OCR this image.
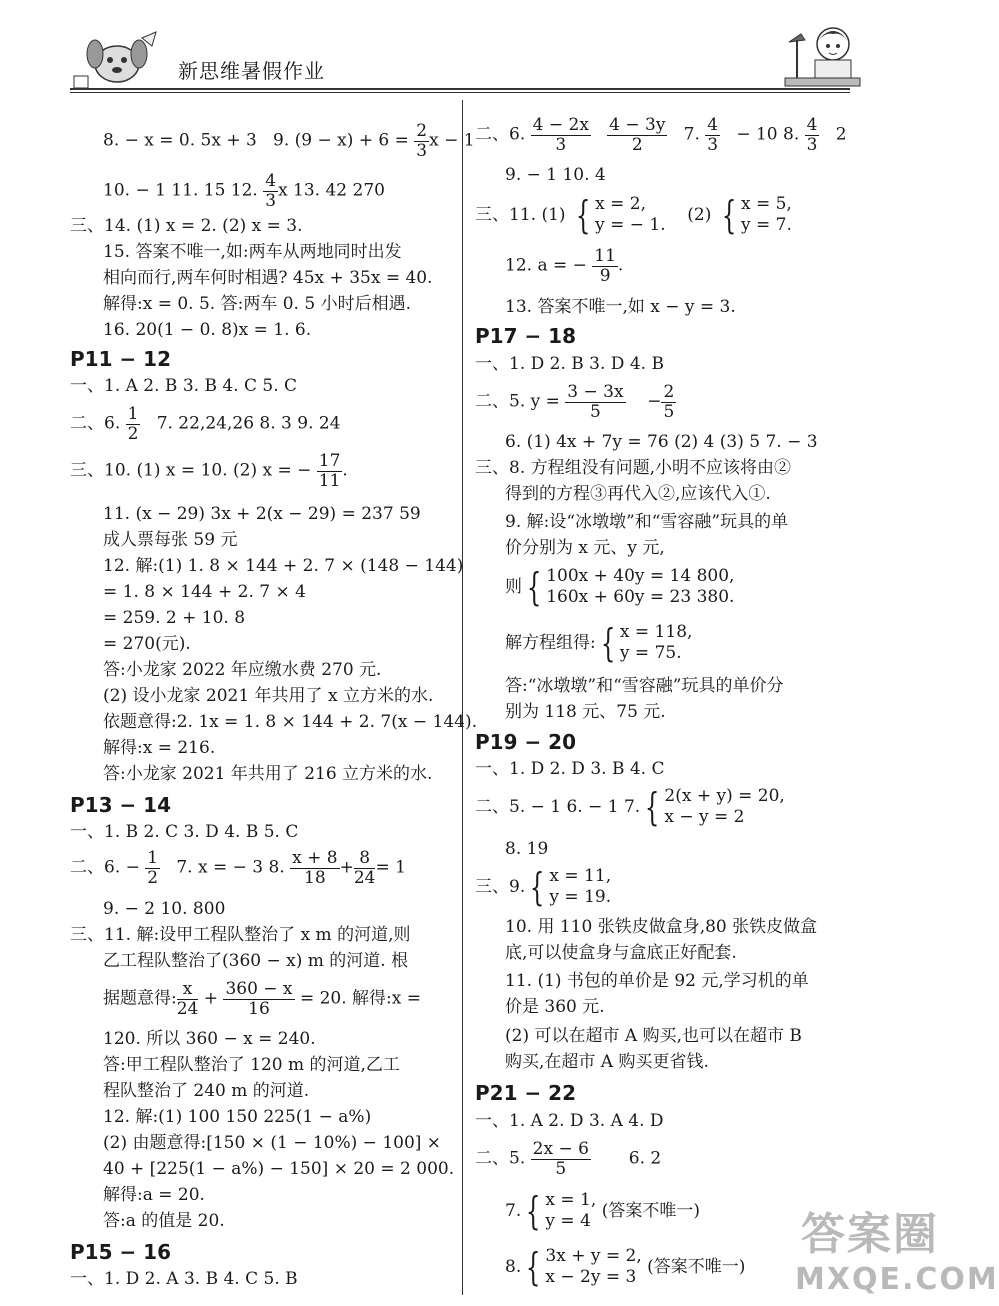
新思维暑假作业
8. − x = 0. 5x + 3 9. $(9 - x) + 6 = \frac{2}{3}$ x − 1
10. − 1 11. 15 12. $\frac{4}{3}$ x 13. 42 270
三、14. (1) x = 2. (2) x = 3.
15. 答案不唯一,如:两车从两地同时出发
相向而行,两车何时相遇? 45x + 35x = 40.
解得:x = 0. 5. 答:两车 0. 5 小时后相遇.
16. 20(1 − 0. 8)x = 1. 6.
P11 − 12
一、1. A 2. B 3. B 4. C 5. C
二、6. $\frac{1}{2} 7$. 22,24,26 8. 3 9. 24
三、10. (1) x = 10. (2) x = − $\frac{17}{11}$ .
11. (x − 29) 3x + 2(x − 29) = 237 59
成人票每张 59 元
12. 解:(1) 1. 8 × 144 + 2. 7 × (148 − 144)
= 1. 8 × 144 + 2. 7 × 4
= 259. 2 + 10. 8
= 270(元).
答:小龙家 2022 年应缴水费 270 元.
(2) 设小龙家 2021 年共用了 x 立方米的水.
依题意得:2. 1x = 1. 8 × 144 + 2. 7(x − 144).
解得:x = 216.
答:小龙家 2021 年共用了 216 立方米的水.
P13 − 14
一、1. B 2. C 3. D 4. B 5. C
二、6. − $\frac{1}{2} 7$. x = − 3 8. $\frac{x + 8}{18} + \frac{8}{24} = 1$
9. − 2 10. 800
三、11. 解:设甲工程队整治了 x m 的河道,则
乙工程队整治了(360 − x) m 的河道. 根
据题意得: $\frac{x}{24} + \frac{360 - x}{16} = 20$. 解得:x =
120. 所以 360 − x = 240.
答:甲工程队整治了 120 m 的河道,乙工
程队整治了 240 m 的河道.
12. 解:(1) 100 150 225(1 − a%)
(2) 由题意得:[150 × (1 − 10%) − 100] ×
40 + [225(1 − a%) − 150] × 20 = 2 000.
解得:a = 20.
答:a 的值是 20.
P15 − 16
一、1. D 2. A 3. B 4. C 5. B
二、6. $\frac{4 - 2x}{3}$
$\frac{4 - 3y}{2} 7$. $\frac{4}{3} - 10$ 8. $\frac{4}{3} 2$
9. − 1 10. 4
三、11. (1) { x = 2,
y = − 1.
(2) { x = 5,
y = 7.
12. a = − $\frac{11}{9}$ .
13. 答案不唯一,如 x − y = 3.
P17 − 18
一、1. D 2. B 3. D 4. B
二、5. $y = \frac{3 - 3x}{5} - \frac{2}{5}$
6. (1) 4x + 7y = 76 (2) 4 (3) 5 7. − 3
三、8. 方程组没有问题,小明不应该将由②
得到的方程③再代入②,应该代入①.
9. 解:设“冰墩墩”和“雪容融”玩具的单
价分别为 x 元、y 元,
则 { 100x + 40y = 14 800,
160x + 60y = 23 380.
解方程组得: { x = 118,
y = 75.
答:“冰墩墩”和“雪容融”玩具的单价分
别为 118 元、75 元.
P19 − 20
一、1. D 2. D 3. B 4. C
二、5. − 1 6. − 1 7. { 2(x + y) = 20,
x − y = 2
8. 19
三、9. { x = 11,
y = 19.
10. 用 110 张铁皮做盒身,80 张铁皮做盒
底,可以使盒身与盒底正好配套.
11. (1) 书包的单价是 92 元,学习机的单
价是 360 元.
(2) 可以在超市 A 购买,也可以在超市 B
购买,在超市 A 购买更省钱.
P21 − 22
一、1. A 2. D 3. A 4. D
二、5. $\frac{2x - 6}{5} 6$. 2
7. { x = 1,
y = 4
(答案不唯一)
8. { 3x + y = 2,
x − 2y = 3
(答案不唯一)
答案圈
MXQE.COM
